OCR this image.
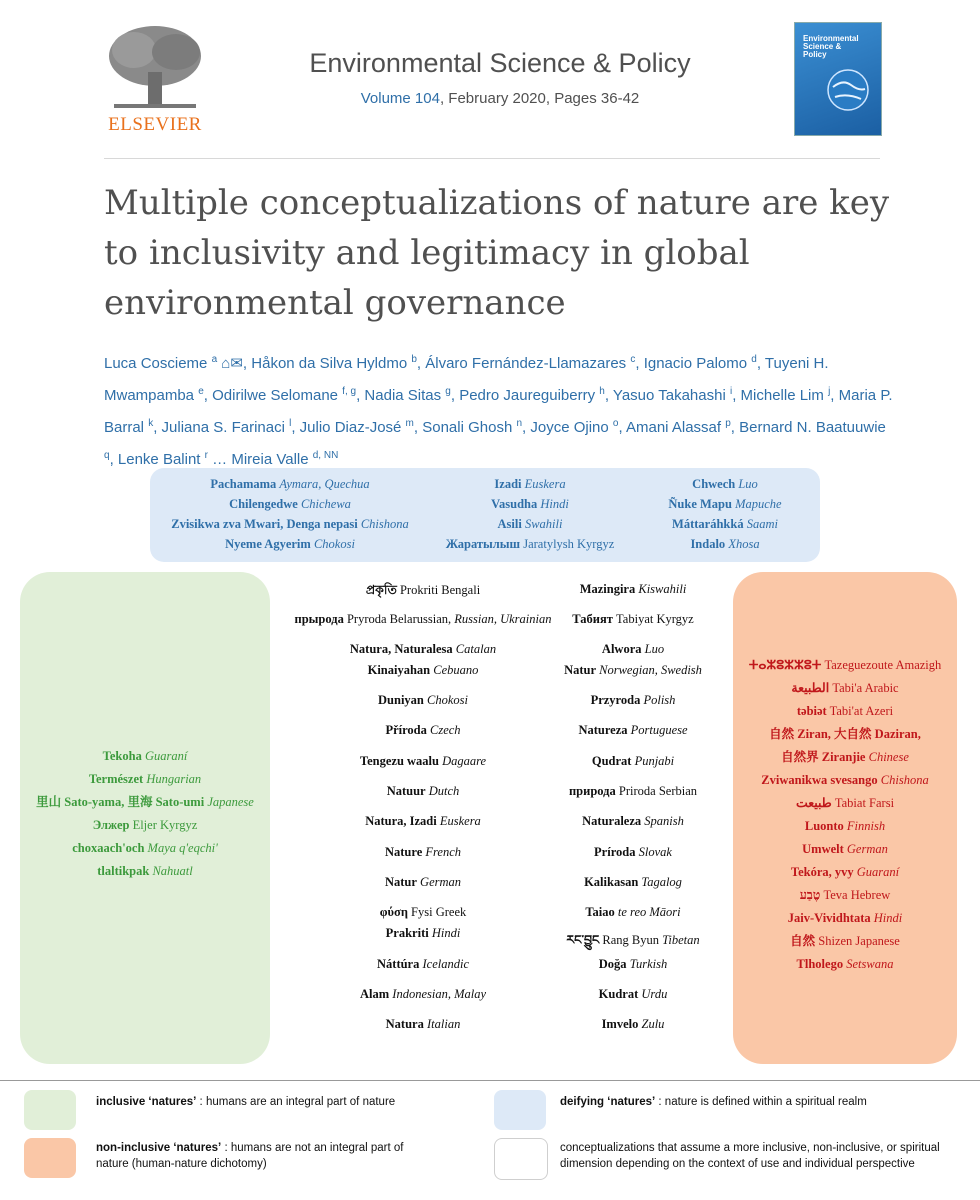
ELSEVIER
Environmental Science & Policy
Volume 104, February 2020, Pages 36-42
Environmental Science & Policy
Multiple conceptualizations of nature are key
to inclusivity and legitimacy in global
environmental governance
Luca Coscieme $^a$ ⌂✉, Håkon da Silva Hyldmo $^b$, Álvaro Fernández-Llamazares $^c$, Ignacio Palomo $^d$, Tuyeni H. Mwampamba $^e$, Odirilwe Selomane $^{f, g}$, Nadia Sitas $^g$, Pedro Jaureguiberry $^h$, Yasuo Takahashi $^i$, Michelle Lim $^j$, Maria P. Barral $^k$, Juliana S. Farinaci $^l$, Julio Diaz-José $^m$, Sonali Ghosh $^n$, Joyce Ojino $^o$, Amani Alassaf $^p$, Bernard N. Baatuuwie $^q$, Lenke Balint $^r$ … Mireia Valle $^{d, NN}$
Pachamama Aymara, Quechua
Chilengedwe Chichewa
Zvisikwa zva Mwari, Denga nepasi Chishona
Nyeme Agyerim Chokosi
Izadi Euskera
Vasudha Hindi
Asili Swahili
Жаратылыш Jaratylysh Kyrgyz
Chwech Luo
Ñuke Mapu Mapuche
Máttaráhkká Saami
Indalo Xhosa
Tekoha Guaraní
Természet Hungarian
里山 Sato-yama, 里海 Sato-umi Japanese
Элжер Eljer Kyrgyz
choxaach'och Maya q'eqchi'
tlaltikpak Nahuatl
ⵜⴰⵣⵓⵣⵣⵓⵜ Tazeguezoute Amazigh
الطبيعة Tabi'a Arabic
təbiət Tabi'at Azeri
自然 Ziran, 大自然 Daziran,
自然界 Ziranjie Chinese
Zviwanikwa svesango Chishona
طبیعت Tabiat Farsi
Luonto Finnish
Umwelt German
Tekóra, yvy Guaraní
טֶבַע Teva Hebrew
Jaiv-Vividhtata Hindi
自然 Shizen Japanese
Tlholego Setswana
প্রকৃতি Prokriti Bengali
прырода Pryroda Belarussian, Russian, Ukrainian
Natura, Naturalesa Catalan
Kinaiyahan Cebuano
Duniyan Chokosi
Příroda Czech
Tengezu waalu Dagaare
Natuur Dutch
Natura, Izadi Euskera
Nature French
Natur German
φύση Fysi Greek
Prakriti Hindi
Náttúra Icelandic
Alam Indonesian, Malay
Natura Italian
Mazingira Kiswahili
Табият Tabiyat Kyrgyz
Alwora Luo
Natur Norwegian, Swedish
Przyroda Polish
Natureza Portuguese
Qudrat Punjabi
природа Priroda Serbian
Naturaleza Spanish
Príroda Slovak
Kalikasan Tagalog
Taiao te reo Māori
རང་བྱུང Rang Byun Tibetan
Doğa Turkish
Kudrat Urdu
Imvelo Zulu
inclusive ‘natures’ : humans are an integral part of nature
non-inclusive ‘natures’ : humans are not an integral part of nature (human-nature dichotomy)
deifying ‘natures’ : nature is defined within a spiritual realm
conceptualizations that assume a more inclusive, non-inclusive, or spiritual dimension depending on the context of use and individual perspective
